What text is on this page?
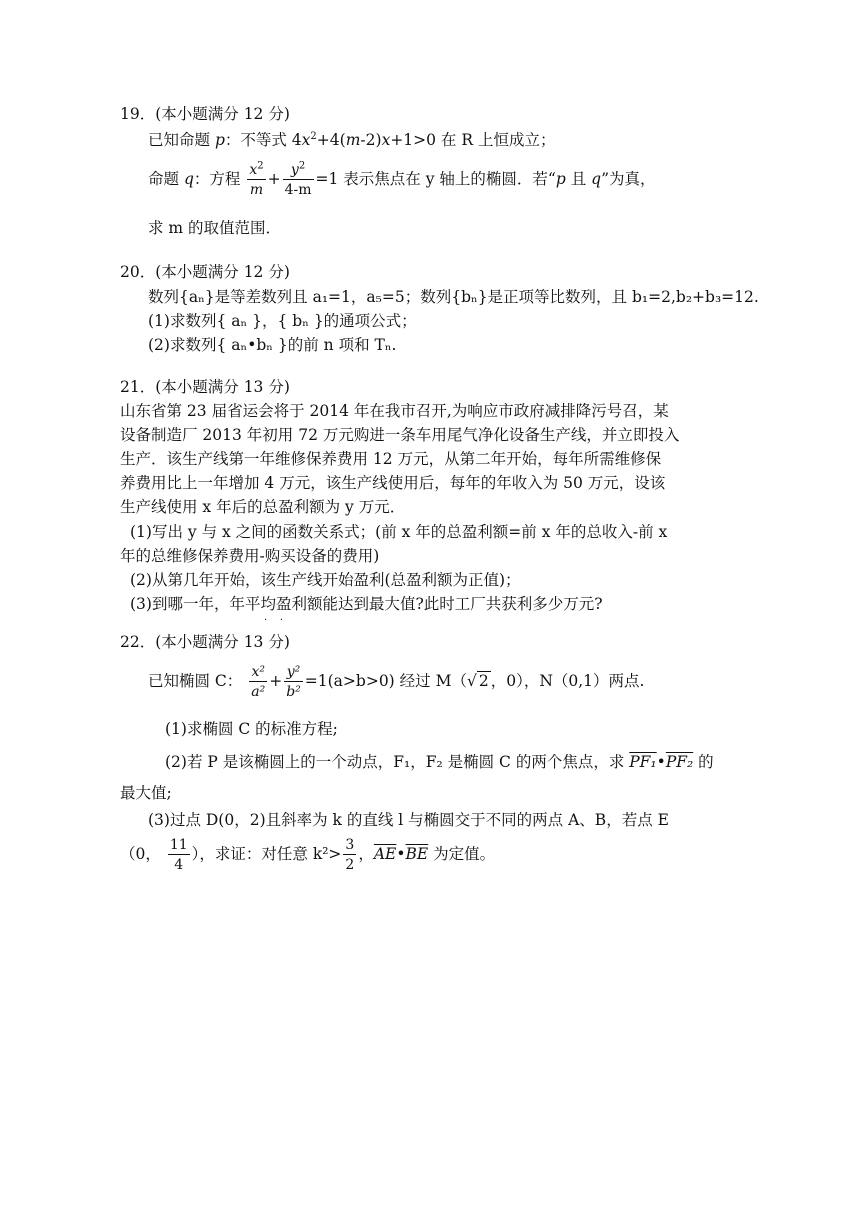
19．(本小题满分 12 分)
已知命题 p：不等式 $4x^2+4(m-2)x+1>0$ 在 R 上恒成立；
命题 q：方程 $\frac{x^2}{m} + \frac{y^2}{4-m} =1$ 表示焦点在 y 轴上的椭圆．若“p 且 q”为真，
求 m 的取值范围．
20．(本小题满分 12 分)
数列{aₙ}是等差数列且 a₁=1，a₅=5；数列{bₙ}是正项等比数列，且 b₁=2,b₂+b₃=12.
(1)求数列{ aₙ }，{ bₙ }的通项公式；
(2)求数列{ aₙ•bₙ }的前 n 项和 Tₙ.
21．(本小题满分 13 分)
山东省第 23 届省运会将于 2014 年在我市召开,为响应市政府减排降污号召，某
设备制造厂 2013 年初用 72 万元购进一条车用尾气净化设备生产线，并立即投入
生产．该生产线第一年维修保养费用 12 万元，从第二年开始，每年所需维修保
养费用比上一年增加 4 万元，该生产线使用后，每年的年收入为 50 万元，设该
生产线使用 x 年后的总盈利额为 y 万元．
(1)写出 y 与 x 之间的函数关系式；(前 x 年的总盈利额=前 x 年的总收入-前 x
年的总维修保养费用-购买设备的费用)
(2)从第几年开始，该生产线开始盈利(总盈利额为正值)；
(3)到哪一年，年平均盈利额能达到最大值?此时工厂共获利多少万元?
·    ·
22．(本小题满分 13 分)
已知椭圆 C： $\frac{\text{x²}}{\text{a²}} + \frac{\text{y²}}{\text{b²}} =1(a>b>0)$ 经过 M（√ 2 ，0），N（0,1）两点.
(1)求椭圆 C 的标准方程;
(2)若 P 是该椭圆上的一个动点，F₁，F₂ 是椭圆 C 的两个焦点，求 PF₁•PF₂ 的
最大值;
(3)过点 D(0，2)且斜率为 k 的直线 l 与椭圆交于不同的两点 A、B，若点 E
（0， $\frac{11}{4}$ ），求证：对任意 $k^2> \frac{3}{2}$ ，$\overline{AE}•\overline{BE}$ 为定值。
